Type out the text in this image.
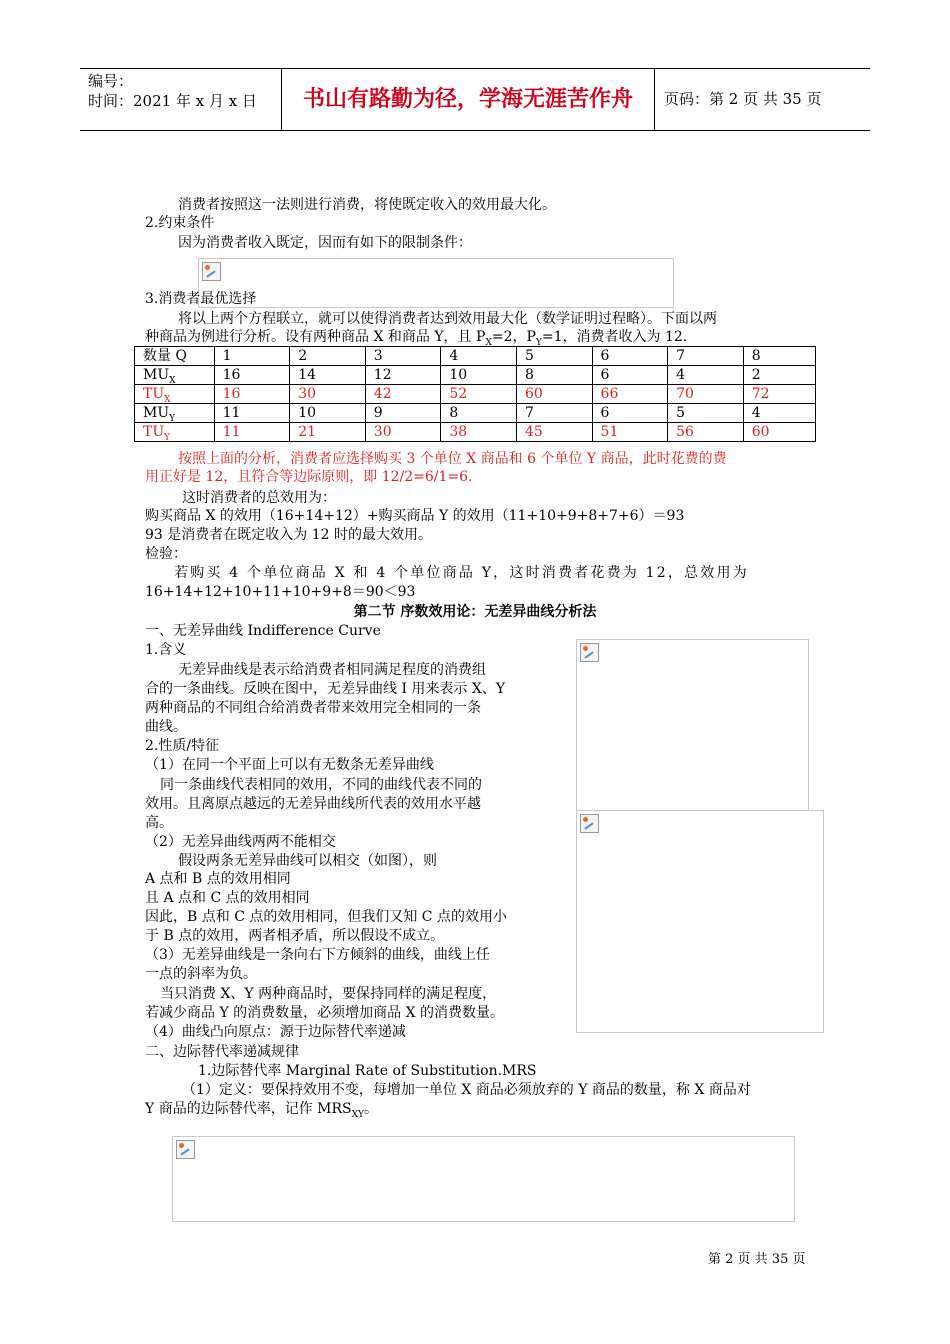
编号：
时间：2021 年 x 月 x 日	书山有路勤为径，学海无涯苦作舟	页码：第 2 页 共 35 页
消费者按照这一法则进行消费，将使既定收入的效用最大化。
2.约束条件
因为消费者收入既定，因而有如下的限制条件：
3.消费者最优选择
将以上两个方程联立，就可以使得消费者达到效用最大化（数学证明过程略）。下面以两
种商品为例进行分析。设有两种商品 X 和商品 Y，且 $P_X=2$，$P_Y=1$，消费者收入为 12.
数量 Q	1	2	3	4	5	6	7	8
$MU_X$	16	14	12	10	8	6	4	2
$TU_X$	16	30	42	52	60	66	70	72
$MU_Y$	11	10	9	8	7	6	5	4
$TU_Y$	11	21	30	38	45	51	56	60
按照上面的分析，消费者应选择购买 3 个单位 X 商品和 6 个单位 Y 商品，此时花费的费
用正好是 12，且符合等边际原则，即 12/2=6/1=6.
这时消费者的总效用为：
购买商品 X 的效用（16+14+12）+购买商品 Y 的效用（11+10+9+8+7+6）＝93
93 是消费者在既定收入为 12 时的最大效用。
检验：
若购买 4 个单位商品 X 和 4 个单位商品 Y，这时消费者花费为 12，总效用为
16+14+12+10+11+10+9+8＝90＜93
第二节 序数效用论：无差异曲线分析法
一、无差异曲线 Indifference Curve
1.含义
无差异曲线是表示给消费者相同满足程度的消费组
合的一条曲线。反映在图中，无差异曲线 I 用来表示 X、Y
两种商品的不同组合给消费者带来效用完全相同的一条
曲线。
2.性质/特征
（1）在同一个平面上可以有无数条无差异曲线
同一条曲线代表相同的效用，不同的曲线代表不同的
效用。且离原点越远的无差异曲线所代表的效用水平越
高。
（2）无差异曲线两两不能相交
假设两条无差异曲线可以相交（如图），则
A 点和 B 点的效用相同
且 A 点和 C 点的效用相同
因此，B 点和 C 点的效用相同，但我们又知 C 点的效用小
于 B 点的效用，两者相矛盾，所以假设不成立。
（3）无差异曲线是一条向右下方倾斜的曲线，曲线上任
一点的斜率为负。
当只消费 X、Y 两种商品时，要保持同样的满足程度，
若减少商品 Y 的消费数量，必须增加商品 X 的消费数量。
（4）曲线凸向原点：源于边际替代率递减
二、边际替代率递减规律
1.边际替代率 Marginal Rate of Substitution.MRS
（1）定义：要保持效用不变，每增加一单位 X 商品必须放弃的 Y 商品的数量，称 X 商品对
Y 商品的边际替代率，记作 $MRS_{XY}$。
第 2 页 共 35 页
